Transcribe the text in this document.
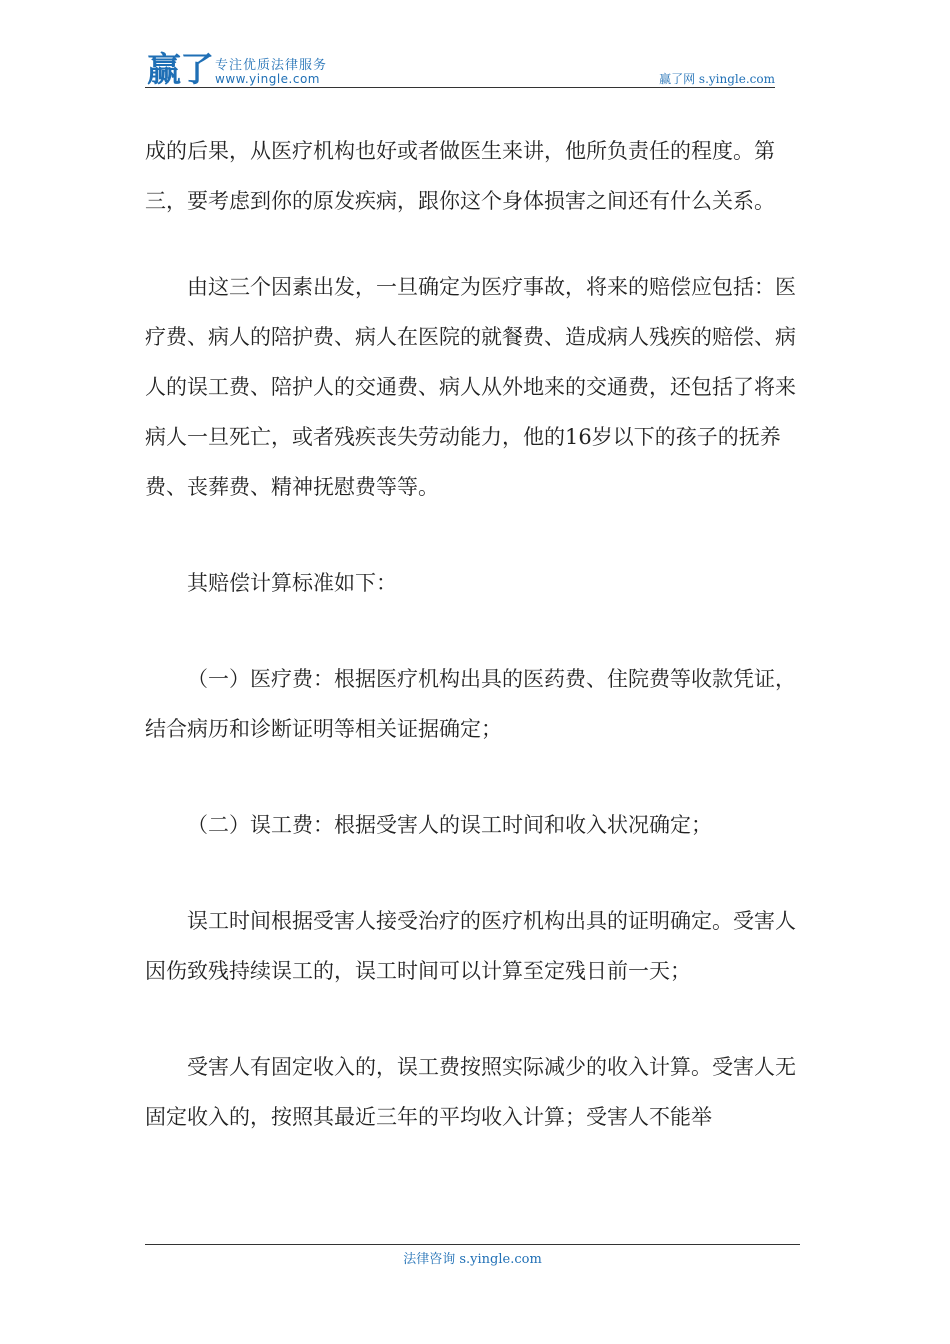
赢了 专注优质法律服务
www.yingle.com	赢了网 s.yingle.com

成的后果，从医疗机构也好或者做医生来讲，他所负责任的程度。第三，要考虑到你的原发疾病，跟你这个身体损害之间还有什么关系。

由这三个因素出发，一旦确定为医疗事故，将来的赔偿应包括：医疗费、病人的陪护费、病人在医院的就餐费、造成病人残疾的赔偿、病人的误工费、陪护人的交通费、病人从外地来的交通费，还包括了将来病人一旦死亡，或者残疾丧失劳动能力，他的16岁以下的孩子的抚养费、丧葬费、精神抚慰费等等。

其赔偿计算标准如下：

（一）医疗费：根据医疗机构出具的医药费、住院费等收款凭证，结合病历和诊断证明等相关证据确定；

（二）误工费：根据受害人的误工时间和收入状况确定；

误工时间根据受害人接受治疗的医疗机构出具的证明确定。受害人因伤致残持续误工的，误工时间可以计算至定残日前一天；

受害人有固定收入的，误工费按照实际减少的收入计算。受害人无固定收入的，按照其最近三年的平均收入计算；受害人不能举

法律咨询 s.yingle.com
